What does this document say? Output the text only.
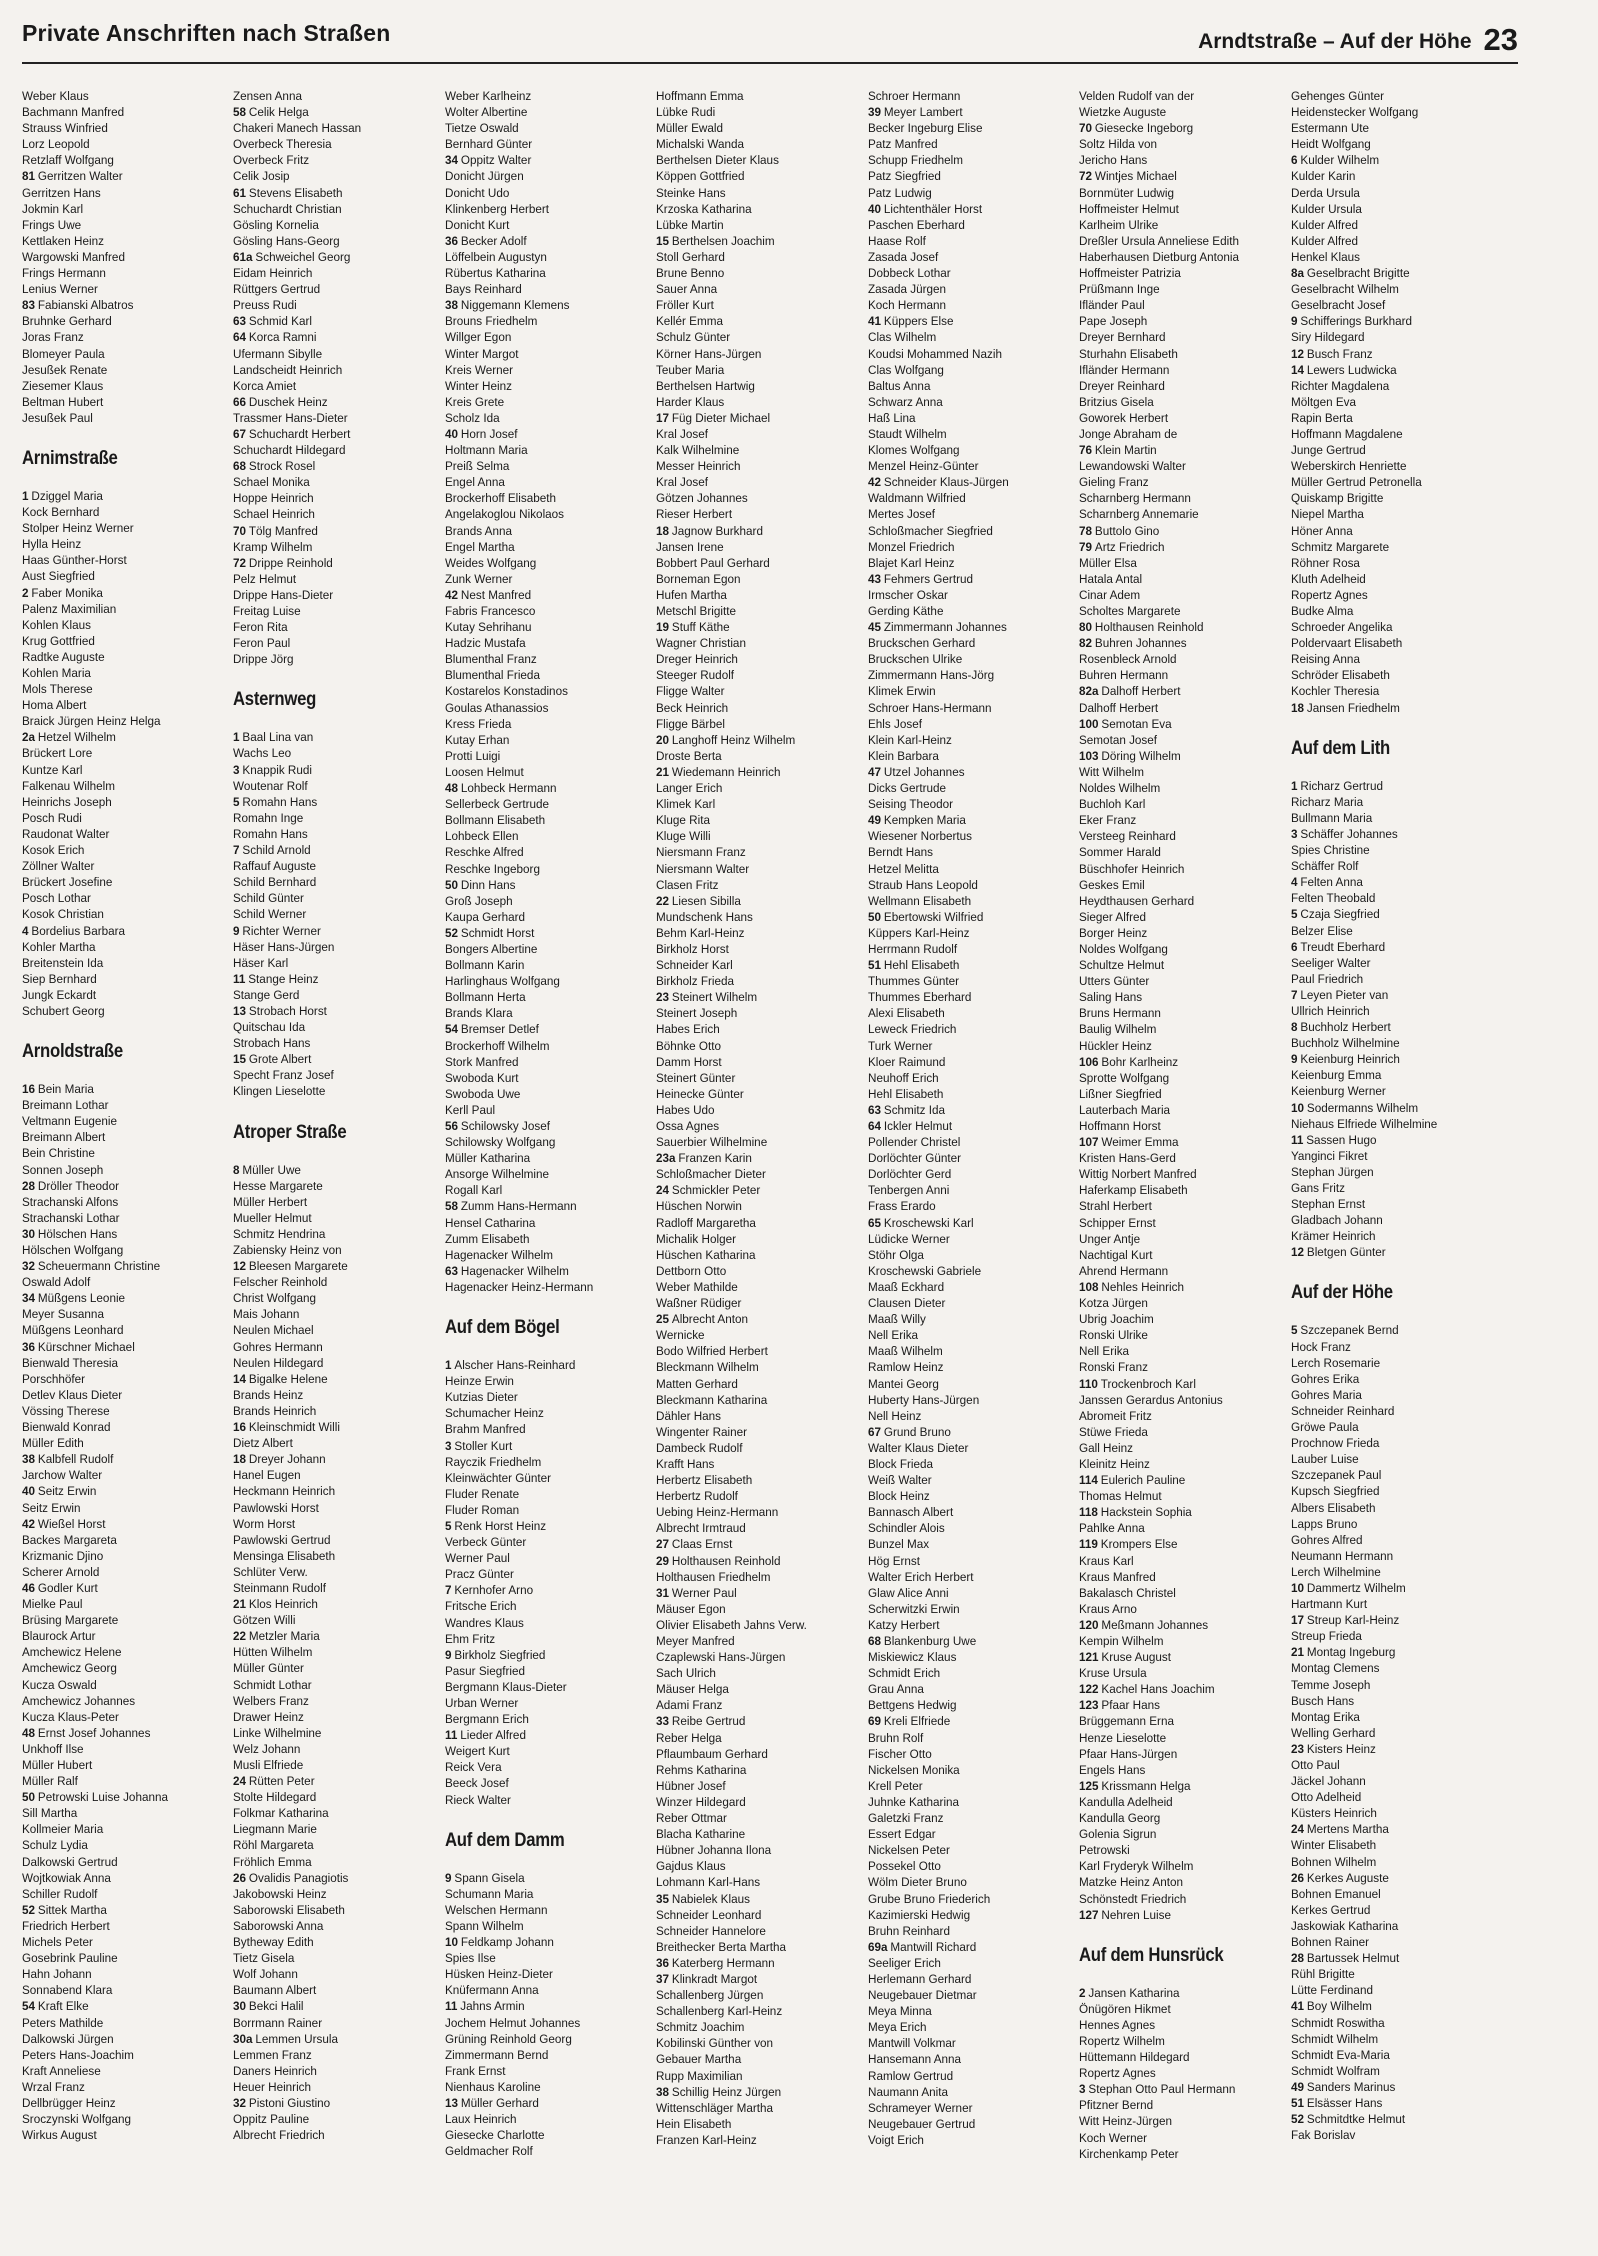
Private Anschriften nach Straßen	Arndtstraße – Auf der Höhe 23
Weber Klaus
Bachmann Manfred
Strauss Winfried
Lorz Leopold
Retzlaff Wolfgang
81 Gerritzen Walter
Gerritzen Hans
Jokmin Karl
Frings Uwe
Kettlaken Heinz
Wargowski Manfred
Frings Hermann
Lenius Werner
83 Fabianski Albatros
Bruhnke Gerhard
Joras Franz
Blomeyer Paula
Jesußek Renate
Ziesemer Klaus
Beltman Hubert
Jesußek Paul
Arnimstraße
1 Dziggel Maria
Kock Bernhard
Stolper Heinz Werner
Hylla Heinz
Haas Günther-Horst
Aust Siegfried
2 Faber Monika
Palenz Maximilian
Kohlen Klaus
Krug Gottfried
Radtke Auguste
Kohlen Maria
Mols Therese
Homa Albert
Braick Jürgen Heinz Helga
2a Hetzel Wilhelm
Brückert Lore
Kuntze Karl
Falkenau Wilhelm
Heinrichs Joseph
Posch Rudi
Raudonat Walter
Kosok Erich
Zöllner Walter
Brückert Josefine
Posch Lothar
Kosok Christian
4 Bordelius Barbara
Kohler Martha
Breitenstein Ida
Siep Bernhard
Jungk Eckardt
Schubert Georg
Arnoldstraße
16 Bein Maria
Breimann Lothar
Veltmann Eugenie
Breimann Albert
Bein Christine
Sonnen Joseph
28 Dröller Theodor
Strachanski Alfons
Strachanski Lothar
30 Hölschen Hans
Hölschen Wolfgang
32 Scheuermann Christine
Oswald Adolf
34 Müßgens Leonie
Meyer Susanna
Müßgens Leonhard
36 Kürschner Michael
Bienwald Theresia
Porschhöfer
Detlev Klaus Dieter
Vössing Therese
Bienwald Konrad
Müller Edith
38 Kalbfell Rudolf
Jarchow Walter
40 Seitz Erwin
Seitz Erwin
42 Wießel Horst
Backes Margareta
Krizmanic Djino
Scherer Arnold
46 Godler Kurt
Mielke Paul
Brüsing Margarete
Blaurock Artur
Amchewicz Helene
Amchewicz Georg
Kucza Oswald
Amchewicz Johannes
Kucza Klaus-Peter
48 Ernst Josef Johannes
Unkhoff Ilse
Müller Hubert
Müller Ralf
50 Petrowski Luise Johanna
Sill Martha
Kollmeier Maria
Schulz Lydia
Dalkowski Gertrud
Wojtkowiak Anna
Schiller Rudolf
52 Sittek Martha
Friedrich Herbert
Michels Peter
Gosebrink Pauline
Hahn Johann
Sonnabend Klara
54 Kraft Elke
Peters Mathilde
Dalkowski Jürgen
Peters Hans-Joachim
Kraft Anneliese
Wrzal Franz
Dellbrügger Heinz
Sroczynski Wolfgang
Wirkus August
Zensen Anna
58 Celik Helga
Chakeri Manech Hassan
Overbeck Theresia
Overbeck Fritz
Celik Josip
61 Stevens Elisabeth
Schuchardt Christian
Gösling Kornelia
Gösling Hans-Georg
61a Schweichel Georg
Eidam Heinrich
Rüttgers Gertrud
Preuss Rudi
63 Schmid Karl
64 Korca Ramni
Ufermann Sibylle
Landscheidt Heinrich
Korca Amiet
66 Duschek Heinz
Trassmer Hans-Dieter
67 Schuchardt Herbert
Schuchardt Hildegard
68 Strock Rosel
Schael Monika
Hoppe Heinrich
Schael Heinrich
70 Tölg Manfred
Kramp Wilhelm
72 Drippe Reinhold
Pelz Helmut
Drippe Hans-Dieter
Freitag Luise
Feron Rita
Feron Paul
Drippe Jörg
Asternweg
1 Baal Lina van
Wachs Leo
3 Knappik Rudi
Woutenar Rolf
5 Romahn Hans
Romahn Inge
Romahn Hans
7 Schild Arnold
Raffauf Auguste
Schild Bernhard
Schild Günter
Schild Werner
9 Richter Werner
Häser Hans-Jürgen
Häser Karl
11 Stange Heinz
Stange Gerd
13 Strobach Horst
Quitschau Ida
Strobach Hans
15 Grote Albert
Specht Franz Josef
Klingen Lieselotte
Atroper Straße
8 Müller Uwe
Hesse Margarete
Müller Herbert
Mueller Helmut
Schmitz Hendrina
Zabiensky Heinz von
12 Bleesen Margarete
Felscher Reinhold
Christ Wolfgang
Mais Johann
Neulen Michael
Gohres Hermann
Neulen Hildegard
14 Bigalke Helene
Brands Heinz
Brands Heinrich
16 Kleinschmidt Willi
Dietz Albert
18 Dreyer Johann
Hanel Eugen
Heckmann Heinrich
Pawlowski Horst
Worm Horst
Pawlowski Gertrud
Mensinga Elisabeth
Schlüter Verw.
Steinmann Rudolf
21 Klos Heinrich
Götzen Willi
22 Metzler Maria
Hütten Wilhelm
Müller Günter
Schmidt Lothar
Welbers Franz
Drawer Heinz
Linke Wilhelmine
Welz Johann
Musli Elfriede
24 Rütten Peter
Stolte Hildegard
Folkmar Katharina
Liegmann Marie
Röhl Margareta
Fröhlich Emma
26 Ovalidis Panagiotis
Jakobowski Heinz
Saborowski Elisabeth
Saborowski Anna
Bytheway Edith
Tietz Gisela
Wolf Johann
Baumann Albert
30 Bekci Halil
Borrmann Rainer
30a Lemmen Ursula
Lemmen Franz
Daners Heinrich
Heuer Heinrich
32 Pistoni Giustino
Oppitz Pauline
Albrecht Friedrich
Weber Karlheinz
Wolter Albertine
Tietze Oswald
Bernhard Günter
34 Oppitz Walter
Donicht Jürgen
Donicht Udo
Klinkenberg Herbert
Donicht Kurt
36 Becker Adolf
Löffelbein Augustyn
Rübertus Katharina
Bays Reinhard
38 Niggemann Klemens
Brouns Friedhelm
Willger Egon
Winter Margot
Kreis Werner
Winter Heinz
Kreis Grete
Scholz Ida
40 Horn Josef
Holtmann Maria
Preiß Selma
Engel Anna
Brockerhoff Elisabeth
Angelakoglou Nikolaos
Brands Anna
Engel Martha
Weides Wolfgang
Zunk Werner
42 Nest Manfred
Fabris Francesco
Kutay Sehrihanu
Hadzic Mustafa
Blumenthal Franz
Blumenthal Frieda
Kostarelos Konstadinos
Goulas Athanassios
Kress Frieda
Kutay Erhan
Protti Luigi
Loosen Helmut
48 Lohbeck Hermann
Sellerbeck Gertrude
Bollmann Elisabeth
Lohbeck Ellen
Reschke Alfred
Reschke Ingeborg
50 Dinn Hans
Groß Joseph
Kaupa Gerhard
52 Schmidt Horst
Bongers Albertine
Bollmann Karin
Harlinghaus Wolfgang
Bollmann Herta
Brands Klara
54 Bremser Detlef
Brockerhoff Wilhelm
Stork Manfred
Swoboda Kurt
Swoboda Uwe
Kerll Paul
56 Schilowsky Josef
Schilowsky Wolfgang
Müller Katharina
Ansorge Wilhelmine
Rogall Karl
58 Zumm Hans-Hermann
Hensel Catharina
Zumm Elisabeth
Hagenacker Wilhelm
63 Hagenacker Wilhelm
Hagenacker Heinz-Hermann
Auf dem Bögel
1 Alscher Hans-Reinhard
Heinze Erwin
Kutzias Dieter
Schumacher Heinz
Brahm Manfred
3 Stoller Kurt
Rayczik Friedhelm
Kleinwächter Günter
Fluder Renate
Fluder Roman
5 Renk Horst Heinz
Verbeck Günter
Werner Paul
Pracz Günter
7 Kernhofer Arno
Fritsche Erich
Wandres Klaus
Ehm Fritz
9 Birkholz Siegfried
Pasur Siegfried
Bergmann Klaus-Dieter
Urban Werner
Bergmann Erich
11 Lieder Alfred
Weigert Kurt
Reick Vera
Beeck Josef
Rieck Walter
Auf dem Damm
9 Spann Gisela
Schumann Maria
Welschen Hermann
Spann Wilhelm
10 Feldkamp Johann
Spies Ilse
Hüsken Heinz-Dieter
Knüfermann Anna
11 Jahns Armin
Jochem Helmut Johannes
Grüning Reinhold Georg
Zimmermann Bernd
Frank Ernst
Nienhaus Karoline
13 Müller Gerhard
Laux Heinrich
Giesecke Charlotte
Geldmacher Rolf
Hoffmann Emma
Lübke Rudi
Müller Ewald
Michalski Wanda
Berthelsen Dieter Klaus
Köppen Gottfried
Steinke Hans
Krzoska Katharina
Lübke Martin
15 Berthelsen Joachim
Stoll Gerhard
Brune Benno
Sauer Anna
Fröller Kurt
Kellér Emma
Schulz Günter
Körner Hans-Jürgen
Teuber Maria
Berthelsen Hartwig
Harder Klaus
17 Füg Dieter Michael
Kral Josef
Kalk Wilhelmine
Messer Heinrich
Kral Josef
Götzen Johannes
Rieser Herbert
18 Jagnow Burkhard
Jansen Irene
Bobbert Paul Gerhard
Borneman Egon
Hufen Martha
Metschl Brigitte
19 Stuff Käthe
Wagner Christian
Dreger Heinrich
Steeger Rudolf
Fligge Walter
Beck Heinrich
Fligge Bärbel
20 Langhoff Heinz Wilhelm
Droste Berta
21 Wiedemann Heinrich
Langer Erich
Klimek Karl
Kluge Rita
Kluge Willi
Niersmann Franz
Niersmann Walter
Clasen Fritz
22 Liesen Sibilla
Mundschenk Hans
Behm Karl-Heinz
Birkholz Horst
Schneider Karl
Birkholz Frieda
23 Steinert Wilhelm
Steinert Joseph
Habes Erich
Böhnke Otto
Damm Horst
Steinert Günter
Heinecke Günter
Habes Udo
Ossa Agnes
Sauerbier Wilhelmine
23a Franzen Karin
Schloßmacher Dieter
24 Schmickler Peter
Hüschen Norwin
Radloff Margaretha
Michalik Holger
Hüschen Katharina
Dettborn Otto
Weber Mathilde
Waßner Rüdiger
25 Albrecht Anton
Wernicke
Bodo Wilfried Herbert
Bleckmann Wilhelm
Matten Gerhard
Bleckmann Katharina
Dähler Hans
Wingenter Rainer
Dambeck Rudolf
Krafft Hans
Herbertz Elisabeth
Herbertz Rudolf
Uebing Heinz-Hermann
Albrecht Irmtraud
27 Claas Ernst
29 Holthausen Reinhold
Holthausen Friedhelm
31 Werner Paul
Mäuser Egon
Olivier Elisabeth Jahns Verw.
Meyer Manfred
Czaplewski Hans-Jürgen
Sach Ulrich
Mäuser Helga
Adami Franz
33 Reibe Gertrud
Reber Helga
Pflaumbaum Gerhard
Rehms Katharina
Hübner Josef
Winzer Hildegard
Reber Ottmar
Blacha Katharine
Hübner Johanna Ilona
Gajdus Klaus
Lohmann Karl-Hans
35 Nabielek Klaus
Schneider Leonhard
Schneider Hannelore
Breithecker Berta Martha
36 Katerberg Hermann
37 Klinkradt Margot
Schallenberg Jürgen
Schallenberg Karl-Heinz
Schmitz Joachim
Kobilinski Günther von
Gebauer Martha
Rupp Maximilian
38 Schillig Heinz Jürgen
Wittenschläger Martha
Hein Elisabeth
Franzen Karl-Heinz
Schroer Hermann
39 Meyer Lambert
Becker Ingeburg Elise
Patz Manfred
Schupp Friedhelm
Patz Siegfried
Patz Ludwig
40 Lichtenthäler Horst
Paschen Eberhard
Haase Rolf
Zasada Josef
Dobbeck Lothar
Zasada Jürgen
Koch Hermann
41 Küppers Else
Clas Wilhelm
Koudsi Mohammed Nazih
Clas Wolfgang
Baltus Anna
Schwarz Anna
Haß Lina
Staudt Wilhelm
Klomes Wolfgang
Menzel Heinz-Günter
42 Schneider Klaus-Jürgen
Waldmann Wilfried
Mertes Josef
Schloßmacher Siegfried
Monzel Friedrich
Blajet Karl Heinz
43 Fehmers Gertrud
Irmscher Oskar
Gerding Käthe
45 Zimmermann Johannes
Bruckschen Gerhard
Bruckschen Ulrike
Zimmermann Hans-Jörg
Klimek Erwin
Schroer Hans-Hermann
Ehls Josef
Klein Karl-Heinz
Klein Barbara
47 Utzel Johannes
Dicks Gertrude
Seising Theodor
49 Kempken Maria
Wiesener Norbertus
Berndt Hans
Hetzel Melitta
Straub Hans Leopold
Wellmann Elisabeth
50 Ebertowski Wilfried
Küppers Karl-Heinz
Herrmann Rudolf
51 Hehl Elisabeth
Thummes Günter
Thummes Eberhard
Alexi Elisabeth
Leweck Friedrich
Turk Werner
Kloer Raimund
Neuhoff Erich
Hehl Elisabeth
63 Schmitz Ida
64 Ickler Helmut
Pollender Christel
Dorlöchter Günter
Dorlöchter Gerd
Tenbergen Anni
Frass Erardo
65 Kroschewski Karl
Lüdicke Werner
Stöhr Olga
Kroschewski Gabriele
Maaß Eckhard
Clausen Dieter
Maaß Willy
Nell Erika
Maaß Wilhelm
Ramlow Heinz
Mantei Georg
Huberty Hans-Jürgen
Nell Heinz
67 Grund Bruno
Walter Klaus Dieter
Block Frieda
Weiß Walter
Block Heinz
Bannasch Albert
Schindler Alois
Bunzel Max
Hög Ernst
Walter Erich Herbert
Glaw Alice Anni
Scherwitzki Erwin
Katzy Herbert
68 Blankenburg Uwe
Miskiewicz Klaus
Schmidt Erich
Grau Anna
Bettgens Hedwig
69 Kreli Elfriede
Bruhn Rolf
Fischer Otto
Nickelsen Monika
Krell Peter
Juhnke Katharina
Galetzki Franz
Essert Edgar
Nickelsen Peter
Possekel Otto
Wölm Dieter Bruno
Grube Bruno Friederich
Kazimierski Hedwig
Bruhn Reinhard
69a Mantwill Richard
Seeliger Erich
Herlemann Gerhard
Neugebauer Dietmar
Meya Minna
Meya Erich
Mantwill Volkmar
Hansemann Anna
Ramlow Gertrud
Naumann Anita
Schrameyer Werner
Neugebauer Gertrud
Voigt Erich
Velden Rudolf van der
Wietzke Auguste
70 Giesecke Ingeborg
Soltz Hilda von
Jericho Hans
72 Wintjes Michael
Bornmüter Ludwig
Hoffmeister Helmut
Karlheim Ulrike
Dreßler Ursula Anneliese Edith
Haberhausen Dietburg Antonia
Hoffmeister Patrizia
Prüßmann Inge
Ifländer Paul
Pape Joseph
Dreyer Bernhard
Sturhahn Elisabeth
Ifländer Hermann
Dreyer Reinhard
Britzius Gisela
Goworek Herbert
Jonge Abraham de
76 Klein Martin
Lewandowski Walter
Gieling Franz
Scharnberg Hermann
Scharnberg Annemarie
78 Buttolo Gino
79 Artz Friedrich
Müller Elsa
Hatala Antal
Cinar Adem
Scholtes Margarete
80 Holthausen Reinhold
82 Buhren Johannes
Rosenbleck Arnold
Buhren Hermann
82a Dalhoff Herbert
Dalhoff Herbert
100 Semotan Eva
Semotan Josef
103 Döring Wilhelm
Witt Wilhelm
Noldes Wilhelm
Buchloh Karl
Eker Franz
Versteeg Reinhard
Sommer Harald
Büschhofer Heinrich
Geskes Emil
Heydthausen Gerhard
Sieger Alfred
Borger Heinz
Noldes Wolfgang
Schultze Helmut
Utters Günter
Saling Hans
Bruns Hermann
Baulig Wilhelm
Hückler Heinz
106 Bohr Karlheinz
Sprotte Wolfgang
Lißner Siegfried
Lauterbach Maria
Hoffmann Horst
107 Weimer Emma
Kristen Hans-Gerd
Wittig Norbert Manfred
Haferkamp Elisabeth
Strahl Herbert
Schipper Ernst
Unger Antje
Nachtigal Kurt
Ahrend Hermann
108 Nehles Heinrich
Kotza Jürgen
Ubrig Joachim
Ronski Ulrike
Nell Erika
Ronski Franz
110 Trockenbroch Karl
Janssen Gerardus Antonius
Abromeit Fritz
Stüwe Frieda
Gall Heinz
Kleinitz Heinz
114 Eulerich Pauline
Thomas Helmut
118 Hackstein Sophia
Pahlke Anna
119 Krompers Else
Kraus Karl
Kraus Manfred
Bakalasch Christel
Kraus Arno
120 Meßmann Johannes
Kempin Wilhelm
121 Kruse August
Kruse Ursula
122 Kachel Hans Joachim
123 Pfaar Hans
Brüggemann Erna
Henze Lieselotte
Pfaar Hans-Jürgen
Engels Hans
125 Krissmann Helga
Kandulla Adelheid
Kandulla Georg
Golenia Sigrun
Petrowski
Karl Fryderyk Wilhelm
Matzke Heinz Anton
Schönstedt Friedrich
127 Nehren Luise
Auf dem Hunsrück
2 Jansen Katharina
Önügören Hikmet
Hennes Agnes
Ropertz Wilhelm
Hüttemann Hildegard
Ropertz Agnes
3 Stephan Otto Paul Hermann
Pfitzner Bernd
Witt Heinz-Jürgen
Koch Werner
Kirchenkamp Peter
Gehenges Günter
Heidenstecker Wolfgang
Estermann Ute
Heidt Wolfgang
6 Kulder Wilhelm
Kulder Karin
Derda Ursula
Kulder Ursula
Kulder Alfred
Kulder Alfred
Henkel Klaus
8a Geselbracht Brigitte
Geselbracht Wilhelm
Geselbracht Josef
9 Schifferings Burkhard
Siry Hildegard
12 Busch Franz
14 Lewers Ludwicka
Richter Magdalena
Möltgen Eva
Rapin Berta
Hoffmann Magdalene
Junge Gertrud
Weberskirch Henriette
Müller Gertrud Petronella
Quiskamp Brigitte
Niepel Martha
Höner Anna
Schmitz Margarete
Röhner Rosa
Kluth Adelheid
Ropertz Agnes
Budke Alma
Schroeder Angelika
Poldervaart Elisabeth
Reising Anna
Schröder Elisabeth
Kochler Theresia
18 Jansen Friedhelm
Auf dem Lith
1 Richarz Gertrud
Richarz Maria
Bullmann Maria
3 Schäffer Johannes
Spies Christine
Schäffer Rolf
4 Felten Anna
Felten Theobald
5 Czaja Siegfried
Belzer Elise
6 Treudt Eberhard
Seeliger Walter
Paul Friedrich
7 Leyen Pieter van
Ullrich Heinrich
8 Buchholz Herbert
Buchholz Wilhelmine
9 Keienburg Heinrich
Keienburg Emma
Keienburg Werner
10 Sodermanns Wilhelm
Niehaus Elfriede Wilhelmine
11 Sassen Hugo
Yanginci Fikret
Stephan Jürgen
Gans Fritz
Stephan Ernst
Gladbach Johann
Krämer Heinrich
12 Bletgen Günter
Auf der Höhe
5 Szczepanek Bernd
Hock Franz
Lerch Rosemarie
Gohres Erika
Gohres Maria
Schneider Reinhard
Gröwe Paula
Prochnow Frieda
Lauber Luise
Szczepanek Paul
Kupsch Siegfried
Albers Elisabeth
Lapps Bruno
Gohres Alfred
Neumann Hermann
Lerch Wilhelmine
10 Dammertz Wilhelm
Hartmann Kurt
17 Streup Karl-Heinz
Streup Frieda
21 Montag Ingeburg
Montag Clemens
Temme Joseph
Busch Hans
Montag Erika
Welling Gerhard
23 Kisters Heinz
Otto Paul
Jäckel Johann
Otto Adelheid
Küsters Heinrich
24 Mertens Martha
Winter Elisabeth
Bohnen Wilhelm
26 Kerkes Auguste
Bohnen Emanuel
Kerkes Gertrud
Jaskowiak Katharina
Bohnen Rainer
28 Bartussek Helmut
Rühl Brigitte
Lütte Ferdinand
41 Boy Wilhelm
Schmidt Roswitha
Schmidt Wilhelm
Schmidt Eva-Maria
Schmidt Wolfram
49 Sanders Marinus
51 Elsässer Hans
52 Schmitdtke Helmut
Fak Borislav
